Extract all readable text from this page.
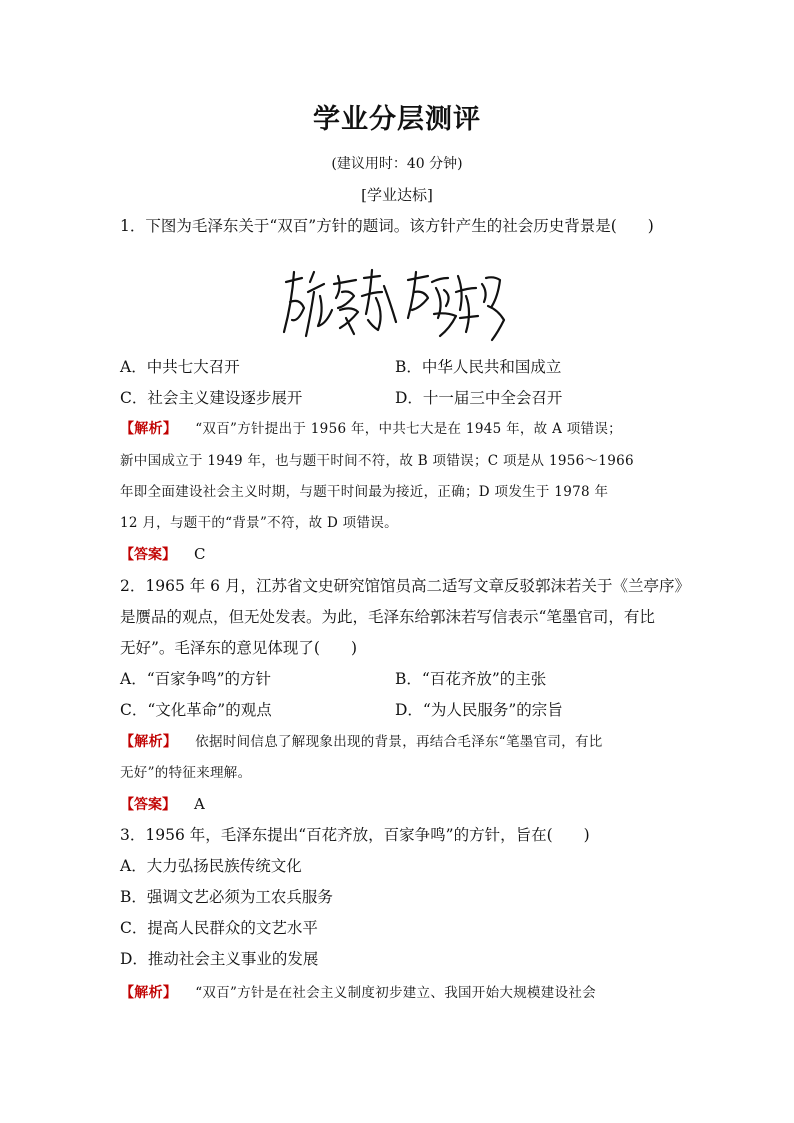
学业分层测评
(建议用时：40 分钟)
[学业达标]
1．下图为毛泽东关于“双百”方针的题词。该方针产生的社会历史背景是(　　)
A．中共七大召开	B．中华人民共和国成立
C．社会主义建设逐步展开	D．十一届三中全会召开
【解析】 “双百”方针提出于 1956 年，中共七大是在 1945 年，故 A 项错误；
新中国成立于 1949 年，也与题干时间不符，故 B 项错误；C 项是从 1956～1966
年即全面建设社会主义时期，与题干时间最为接近，正确；D 项发生于 1978 年
12 月，与题干的“背景”不符，故 D 项错误。
【答案】 C
2．1965 年 6 月，江苏省文史研究馆馆员高二适写文章反驳郭沫若关于《兰亭序》
是赝品的观点，但无处发表。为此，毛泽东给郭沫若写信表示“笔墨官司，有比
无好”。毛泽东的意见体现了(　　)
A．“百家争鸣”的方针	B．“百花齐放”的主张
C．“文化革命”的观点	D．“为人民服务”的宗旨
【解析】 依据时间信息了解现象出现的背景，再结合毛泽东“笔墨官司，有比
无好”的特征来理解。
【答案】 A
3．1956 年，毛泽东提出“百花齐放，百家争鸣”的方针，旨在(　　)
A．大力弘扬民族传统文化
B．强调文艺必须为工农兵服务
C．提高人民群众的文艺水平
D．推动社会主义事业的发展
【解析】 “双百”方针是在社会主义制度初步建立、我国开始大规模建设社会
